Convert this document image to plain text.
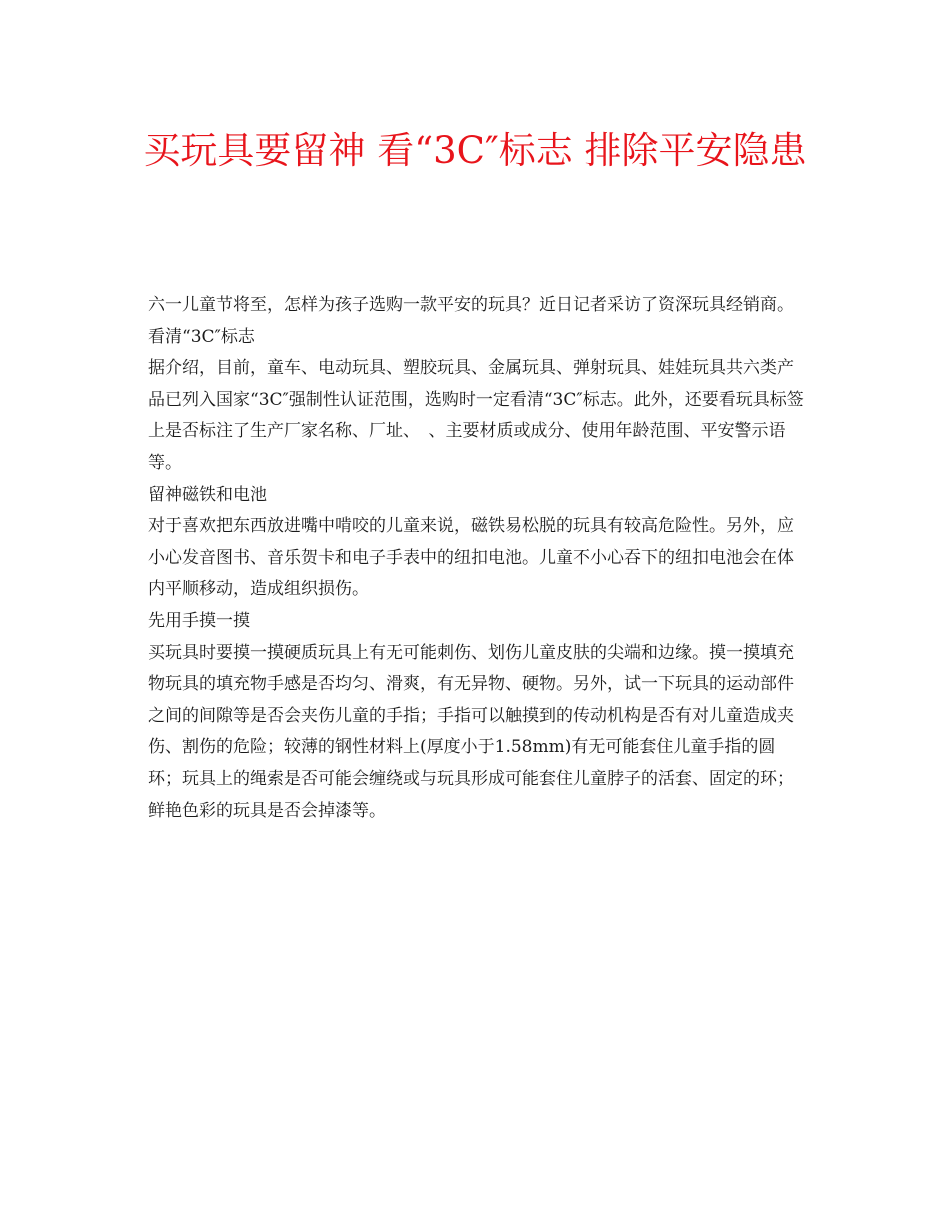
买玩具要留神 看“3C″标志 排除平安隐患

六一儿童节将至，怎样为孩子选购一款平安的玩具？近日记者采访了资深玩具经销商。

看清“3C″标志

据介绍，目前，童车、电动玩具、塑胶玩具、金属玩具、弹射玩具、娃娃玩具共六类产品已列入国家“3C″强制性认证范围，选购时一定看清“3C″标志。此外，还要看玩具标签上是否标注了生产厂家名称、厂址、　、主要材质或成分、使用年龄范围、平安警示语等。

留神磁铁和电池

对于喜欢把东西放进嘴中啃咬的儿童来说，磁铁易松脱的玩具有较高危险性。另外，应小心发音图书、音乐贺卡和电子手表中的纽扣电池。儿童不小心吞下的纽扣电池会在体内平顺移动，造成组织损伤。

先用手摸一摸

买玩具时要摸一摸硬质玩具上有无可能刺伤、划伤儿童皮肤的尖端和边缘。摸一摸填充物玩具的填充物手感是否均匀、滑爽，有无异物、硬物。另外，试一下玩具的运动部件之间的间隙等是否会夹伤儿童的手指；手指可以触摸到的传动机构是否有对儿童造成夹伤、割伤的危险；较薄的钢性材料上(厚度小于1.58mm)有无可能套住儿童手指的圆环；玩具上的绳索是否可能会缠绕或与玩具形成可能套住儿童脖子的活套、固定的环；鲜艳色彩的玩具是否会掉漆等。
